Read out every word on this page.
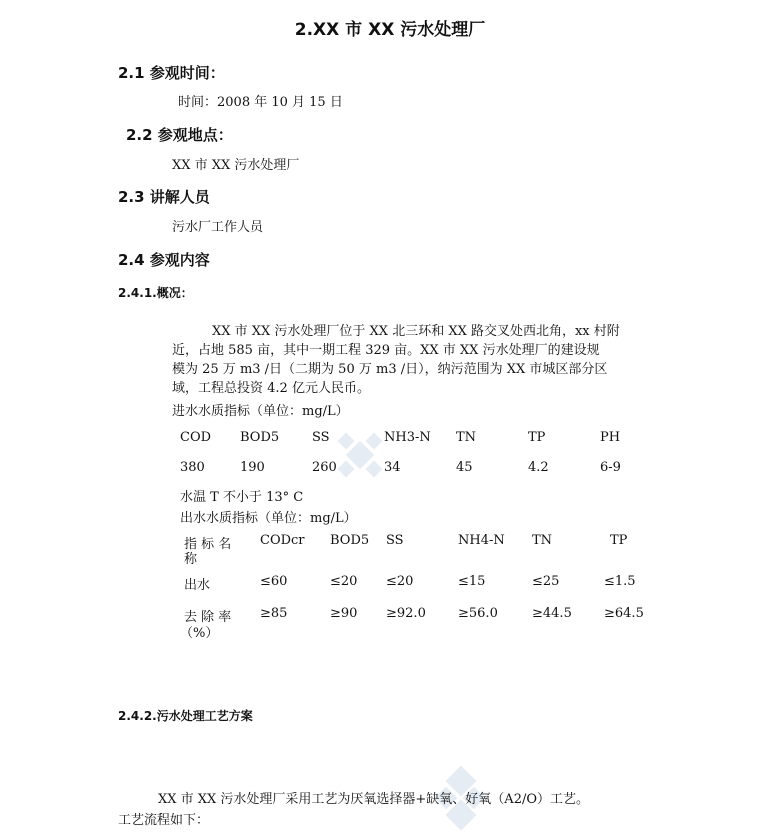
2.XX 市 XX 污水处理厂
2.1 参观时间：
时间：2008 年 10 月 15 日
2.2 参观地点：
XX 市 XX 污水处理厂
2.3 讲解人员
污水厂工作人员
2.4 参观内容
2.4.1.概况：
XX 市 XX 污水处理厂位于 XX 北三环和 XX 路交叉处西北角，xx 村附
近，占地 585 亩，其中一期工程 329 亩。XX 市 XX 污水处理厂的建设规
模为 25 万 m3 /日（二期为 50 万 m3 /日），纳污范围为 XX 市城区部分区
域，工程总投资 4.2 亿元人民币。
进水水质指标（单位：mg/L）
COD BOD5	SS	NH3-N TN	TP	PH
380	190	260	34	45	4.2	6-9
水温 T 不小于 13° C
出水水质指标（单位：mg/L）
指 标 名 CODcr BOD5 SS	NH4-N TN	TP
称
出水	≤60	≤20 ≤20	≤15	≤25	≤1.5
去 除 率 ≥85	≥90 ≥92.0 ≥56.0	≥44.5 ≥64.5
（%）
2.4.2.污水处理工艺方案
XX 市 XX 污水处理厂采用工艺为厌氧选择器+缺氧、好氧（A2/O）工艺。
工艺流程如下：
